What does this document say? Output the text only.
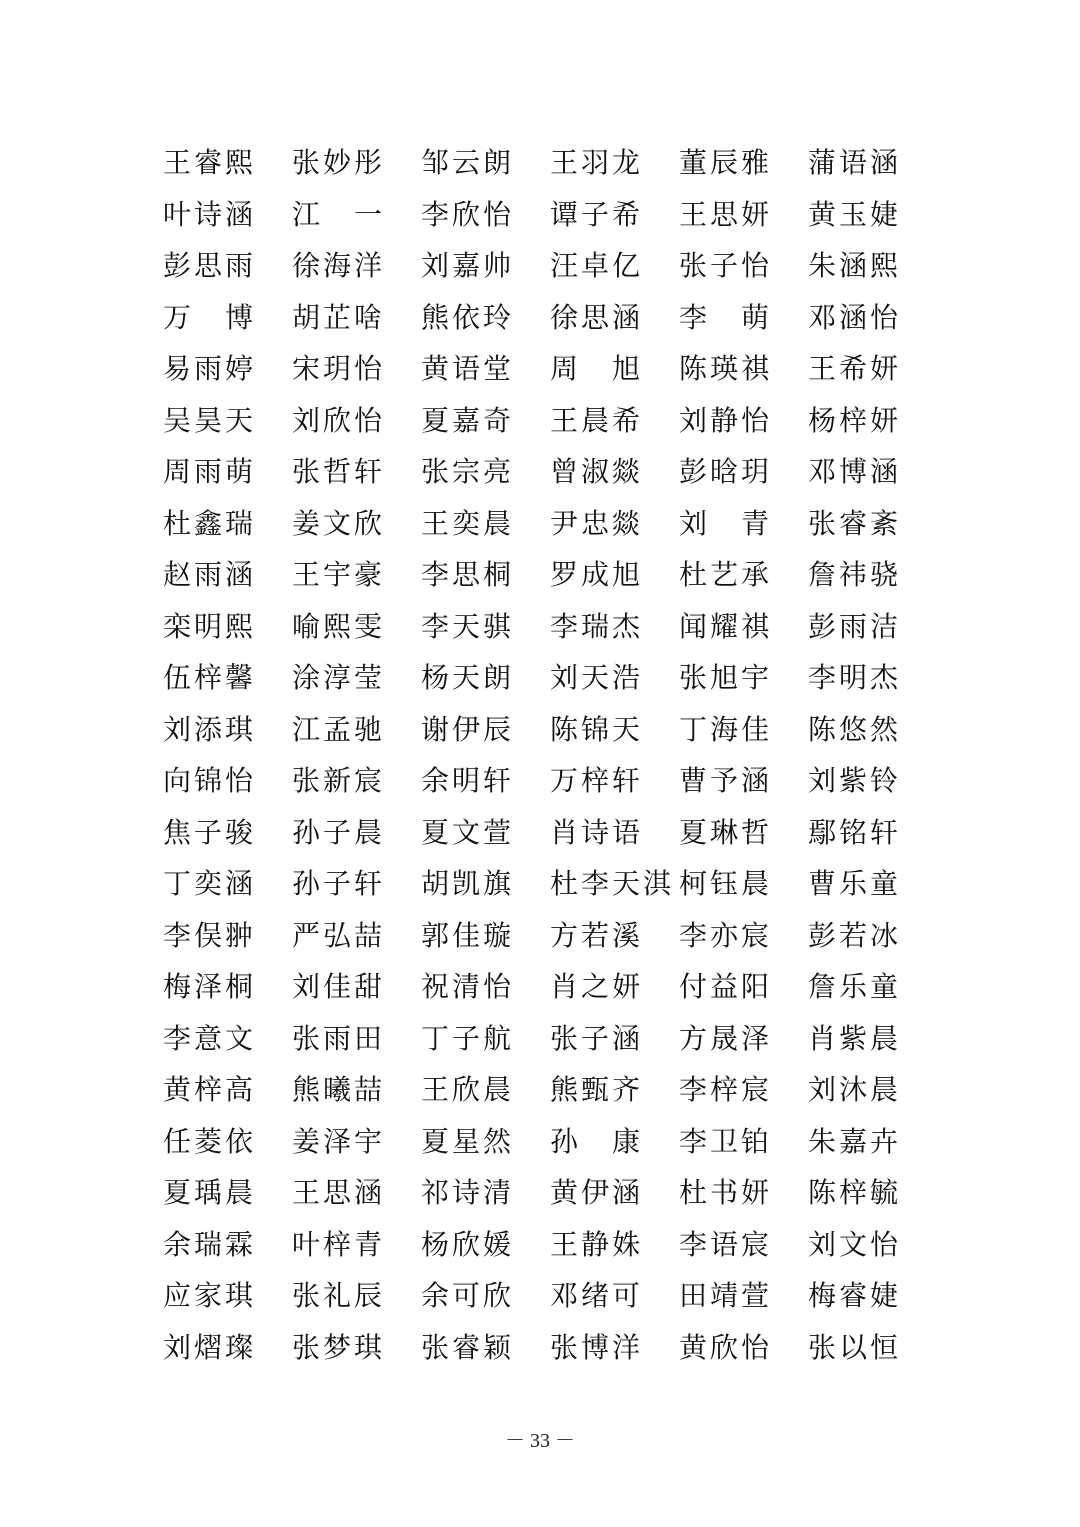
王睿熙	张妙彤	邹云朗	王羽龙	董辰雅	蒲语涵
叶诗涵	江　一	李欣怡	谭子希	王思妍	黄玉婕
彭思雨	徐海洋	刘嘉帅	汪卓亿	张子怡	朱涵熙
万　博	胡芷啥	熊依玲	徐思涵	李　萌	邓涵怡
易雨婷	宋玥怡	黄语堂	周　旭	陈瑛祺	王希妍
吴昊天	刘欣怡	夏嘉奇	王晨希	刘静怡	杨梓妍
周雨萌	张哲轩	张宗亮	曾淑燚	彭晗玥	邓博涵
杜鑫瑞	姜文欣	王奕晨	尹忠燚	刘　青	张睿紊
赵雨涵	王宇豪	李思桐	罗成旭	杜艺承	詹祎骁
栾明熙	喻熙雯	李天骐	李瑞杰	闻耀祺	彭雨洁
伍梓馨	涂淳莹	杨天朗	刘天浩	张旭宇	李明杰
刘添琪	江孟驰	谢伊辰	陈锦天	丁海佳	陈悠然
向锦怡	张新宸	余明轩	万梓轩	曹予涵	刘紫铃
焦子骏	孙子晨	夏文萱	肖诗语	夏琳哲	鄢铭轩
丁奕涵	孙子轩	胡凯旗	杜李天淇 柯钰晨	曹乐童
李俣翀	严弘喆	郭佳璇	方若溪	李亦宸	彭若冰
梅泽桐	刘佳甜	祝清怡	肖之妍	付益阳	詹乐童
李意文	张雨田	丁子航	张子涵	方晟泽	肖紫晨
黄梓高	熊曦喆	王欣晨	熊甄齐	李梓宸	刘沐晨
任菱依	姜泽宇	夏星然	孙　康	李卫铂	朱嘉卉
夏瑀晨	王思涵	祁诗清	黄伊涵	杜书妍	陈梓毓
余瑞霖	叶梓青	杨欣媛	王静姝	李语宸	刘文怡
应家琪	张礼辰	余可欣	邓绪可	田靖萱	梅睿婕
刘熠璨	张梦琪	张睿颖	张博洋	黄欣怡	张以恒
－ 33 －
